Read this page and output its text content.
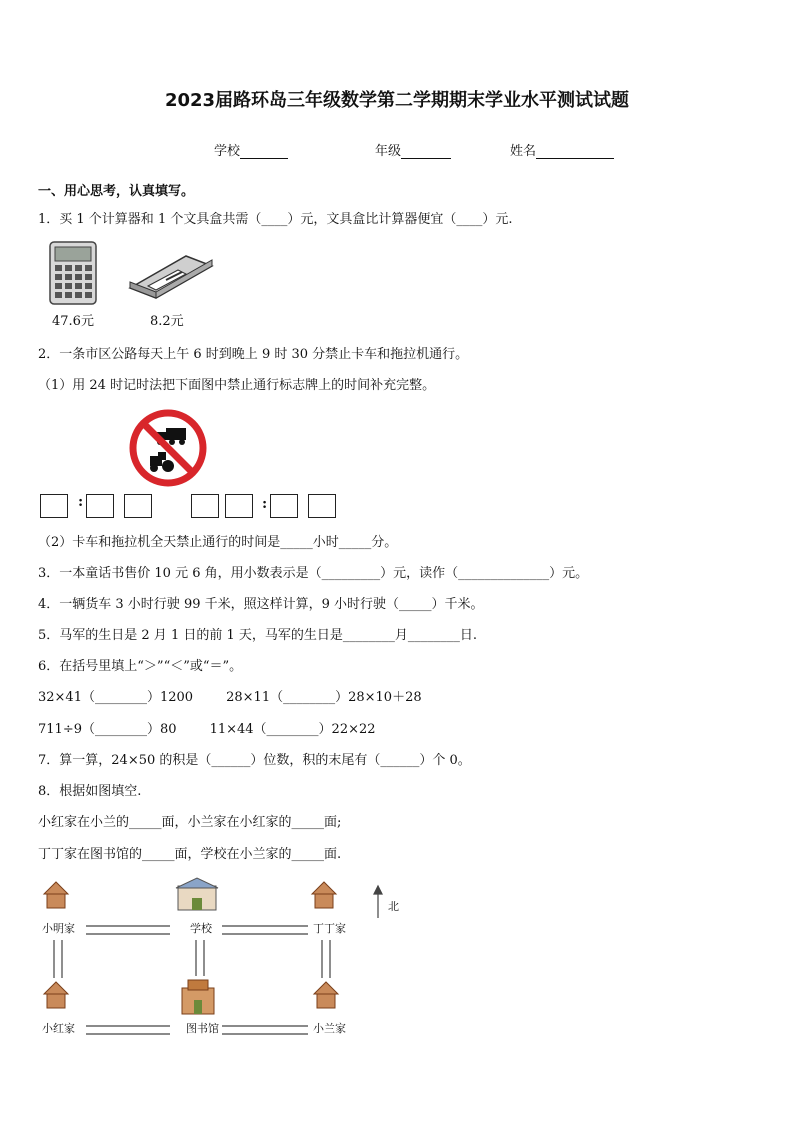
2023届路环岛三年级数学第二学期期末学业水平测试试题
学校	年级	姓名
一、用心思考，认真填写。
1．买 1 个计算器和 1 个文具盒共需（____）元，文具盒比计算器便宜（____）元.
47.6元	8.2元
2．一条市区公路每天上午 6 时到晚上 9 时 30 分禁止卡车和拖拉机通行。
（1）用 24 时记时法把下面图中禁止通行标志牌上的时间补充完整。
:	:
（2）卡车和拖拉机全天禁止通行的时间是_____小时_____分。
3．一本童话书售价 10 元 6 角，用小数表示是（_________）元，读作（______________）元。
4．一辆货车 3 小时行驶 99 千米，照这样计算，9 小时行驶（_____）千米。
5．马军的生日是 2 月 1 日的前 1 天，马军的生日是________月________日.
6．在括号里填上“＞”“＜”或“＝”。
32×41（________）1200        28×11（________）28×10＋28
711÷9（________）80        11×44（________）22×22
7．算一算，24×50 的积是（______）位数，积的末尾有（______）个 0。
8．根据如图填空.
小红家在小兰的_____面，小兰家在小红家的_____面;
丁丁家在图书馆的_____面，学校在小兰家的_____面.
小明家	学校	丁丁家
小红家	图书馆	小兰家
北
